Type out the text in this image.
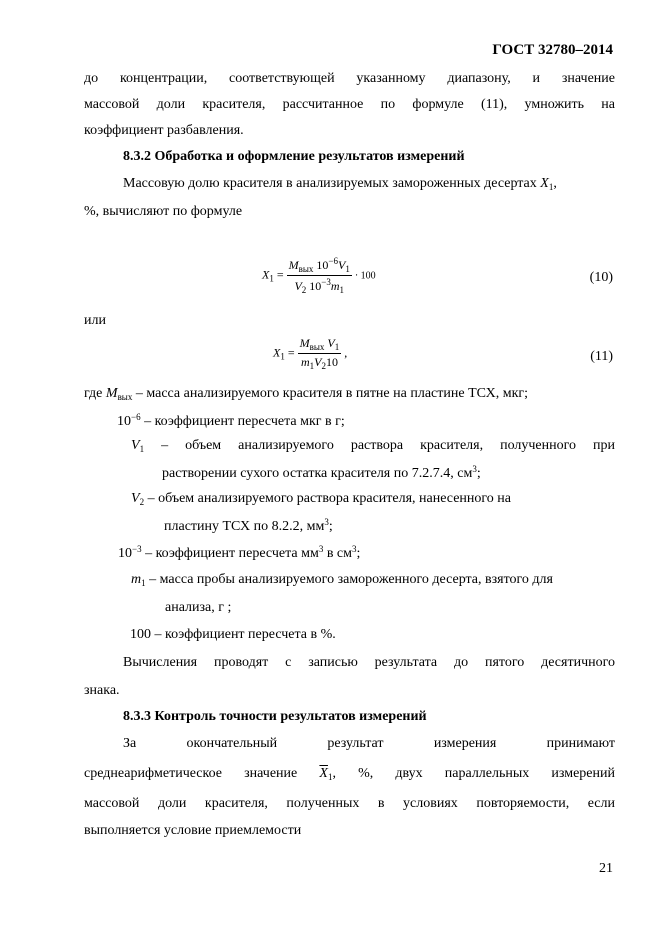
ГОСТ 32780–2014
до концентрации, соответствующей указанному диапазону, и значение
массовой доли красителя, рассчитанное по формуле (11), умножить на
коэффициент разбавления.
8.3.2 Обработка и оформление результатов измерений
Массовую долю красителя в анализируемых замороженных десертах $X_1$,
%, вычисляют по формуле
$X_1 = \frac{M_{вых} 10^{-6}V_1}{V_2 10^{-3}m_1} \cdot 100$	(10)
или
$X_1 = \frac{M_{вых} V_1}{m_1V_210}$ ,	(11)
где $M_{вых}$ – масса анализируемого красителя в пятне на пластине ТСХ, мкг;
$10^{-6}$ – коэффициент пересчета мкг в г;
$V_1$ – объем анализируемого раствора красителя, полученного при
растворении сухого остатка красителя по 7.2.7.4, $см^3$;
$V_2$ – объем анализируемого раствора красителя, нанесенного на
пластину ТСХ по 8.2.2, $мм^3$;
$10^{-3}$ – коэффициент пересчета $мм^3$ в $см^3$;
$m_1$ – масса пробы анализируемого замороженного десерта, взятого для
анализа, г ;
100 – коэффициент пересчета в %.
Вычисления проводят с записью результата до пятого десятичного
знака.
8.3.3 Контроль точности результатов измерений
За окончательный результат измерения принимают
среднеарифметическое значение $\overline{X}_1$, %, двух параллельных измерений
массовой доли красителя, полученных в условиях повторяемости, если
выполняется условие приемлемости
21
